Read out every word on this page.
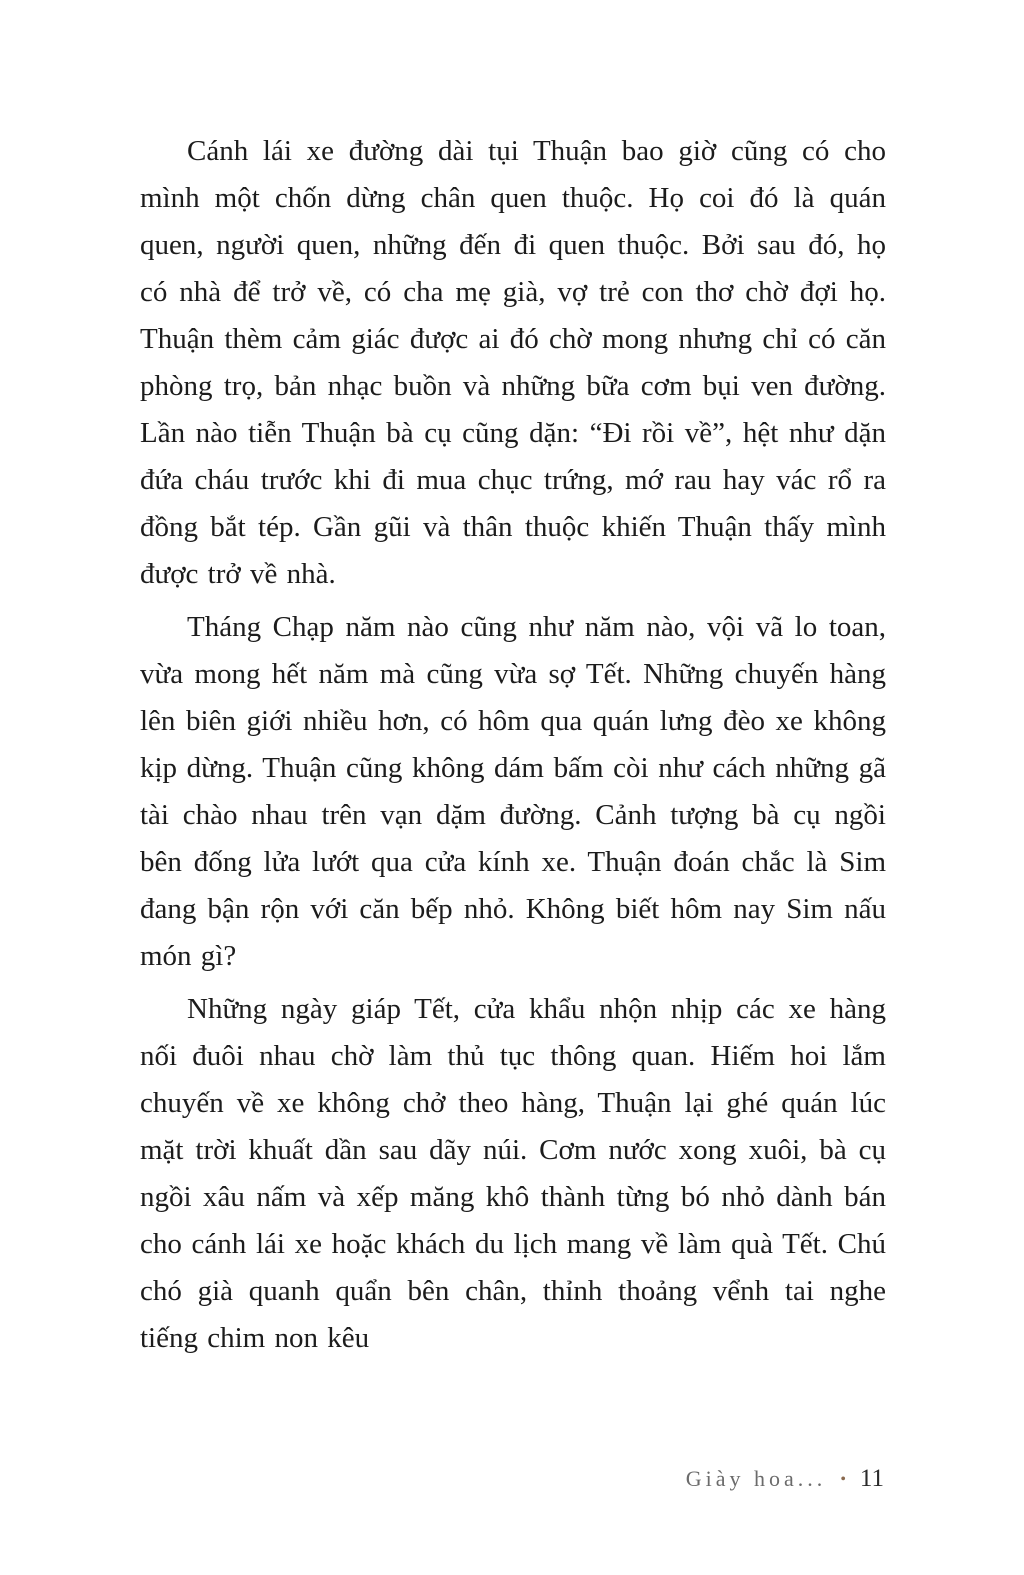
Cánh lái xe đường dài tụi Thuận bao giờ cũng có cho mình một chốn dừng chân quen thuộc. Họ coi đó là quán quen, người quen, những đến đi quen thuộc. Bởi sau đó, họ có nhà để trở về, có cha mẹ già, vợ trẻ con thơ chờ đợi họ. Thuận thèm cảm giác được ai đó chờ mong nhưng chỉ có căn phòng trọ, bản nhạc buồn và những bữa cơm bụi ven đường. Lần nào tiễn Thuận bà cụ cũng dặn: “Đi rồi về”, hệt như dặn đứa cháu trước khi đi mua chục trứng, mớ rau hay vác rổ ra đồng bắt tép. Gần gũi và thân thuộc khiến Thuận thấy mình được trở về nhà.

Tháng Chạp năm nào cũng như năm nào, vội vã lo toan, vừa mong hết năm mà cũng vừa sợ Tết. Những chuyến hàng lên biên giới nhiều hơn, có hôm qua quán lưng đèo xe không kịp dừng. Thuận cũng không dám bấm còi như cách những gã tài chào nhau trên vạn dặm đường. Cảnh tượng bà cụ ngồi bên đống lửa lướt qua cửa kính xe. Thuận đoán chắc là Sim đang bận rộn với căn bếp nhỏ. Không biết hôm nay Sim nấu món gì?

Những ngày giáp Tết, cửa khẩu nhộn nhịp các xe hàng nối đuôi nhau chờ làm thủ tục thông quan. Hiếm hoi lắm chuyến về xe không chở theo hàng, Thuận lại ghé quán lúc mặt trời khuất dần sau dãy núi. Cơm nước xong xuôi, bà cụ ngồi xâu nấm và xếp măng khô thành từng bó nhỏ dành bán cho cánh lái xe hoặc khách du lịch mang về làm quà Tết. Chú chó già quanh quẩn bên chân, thỉnh thoảng vểnh tai nghe tiếng chim non kêu

Giày hoa... • 11
